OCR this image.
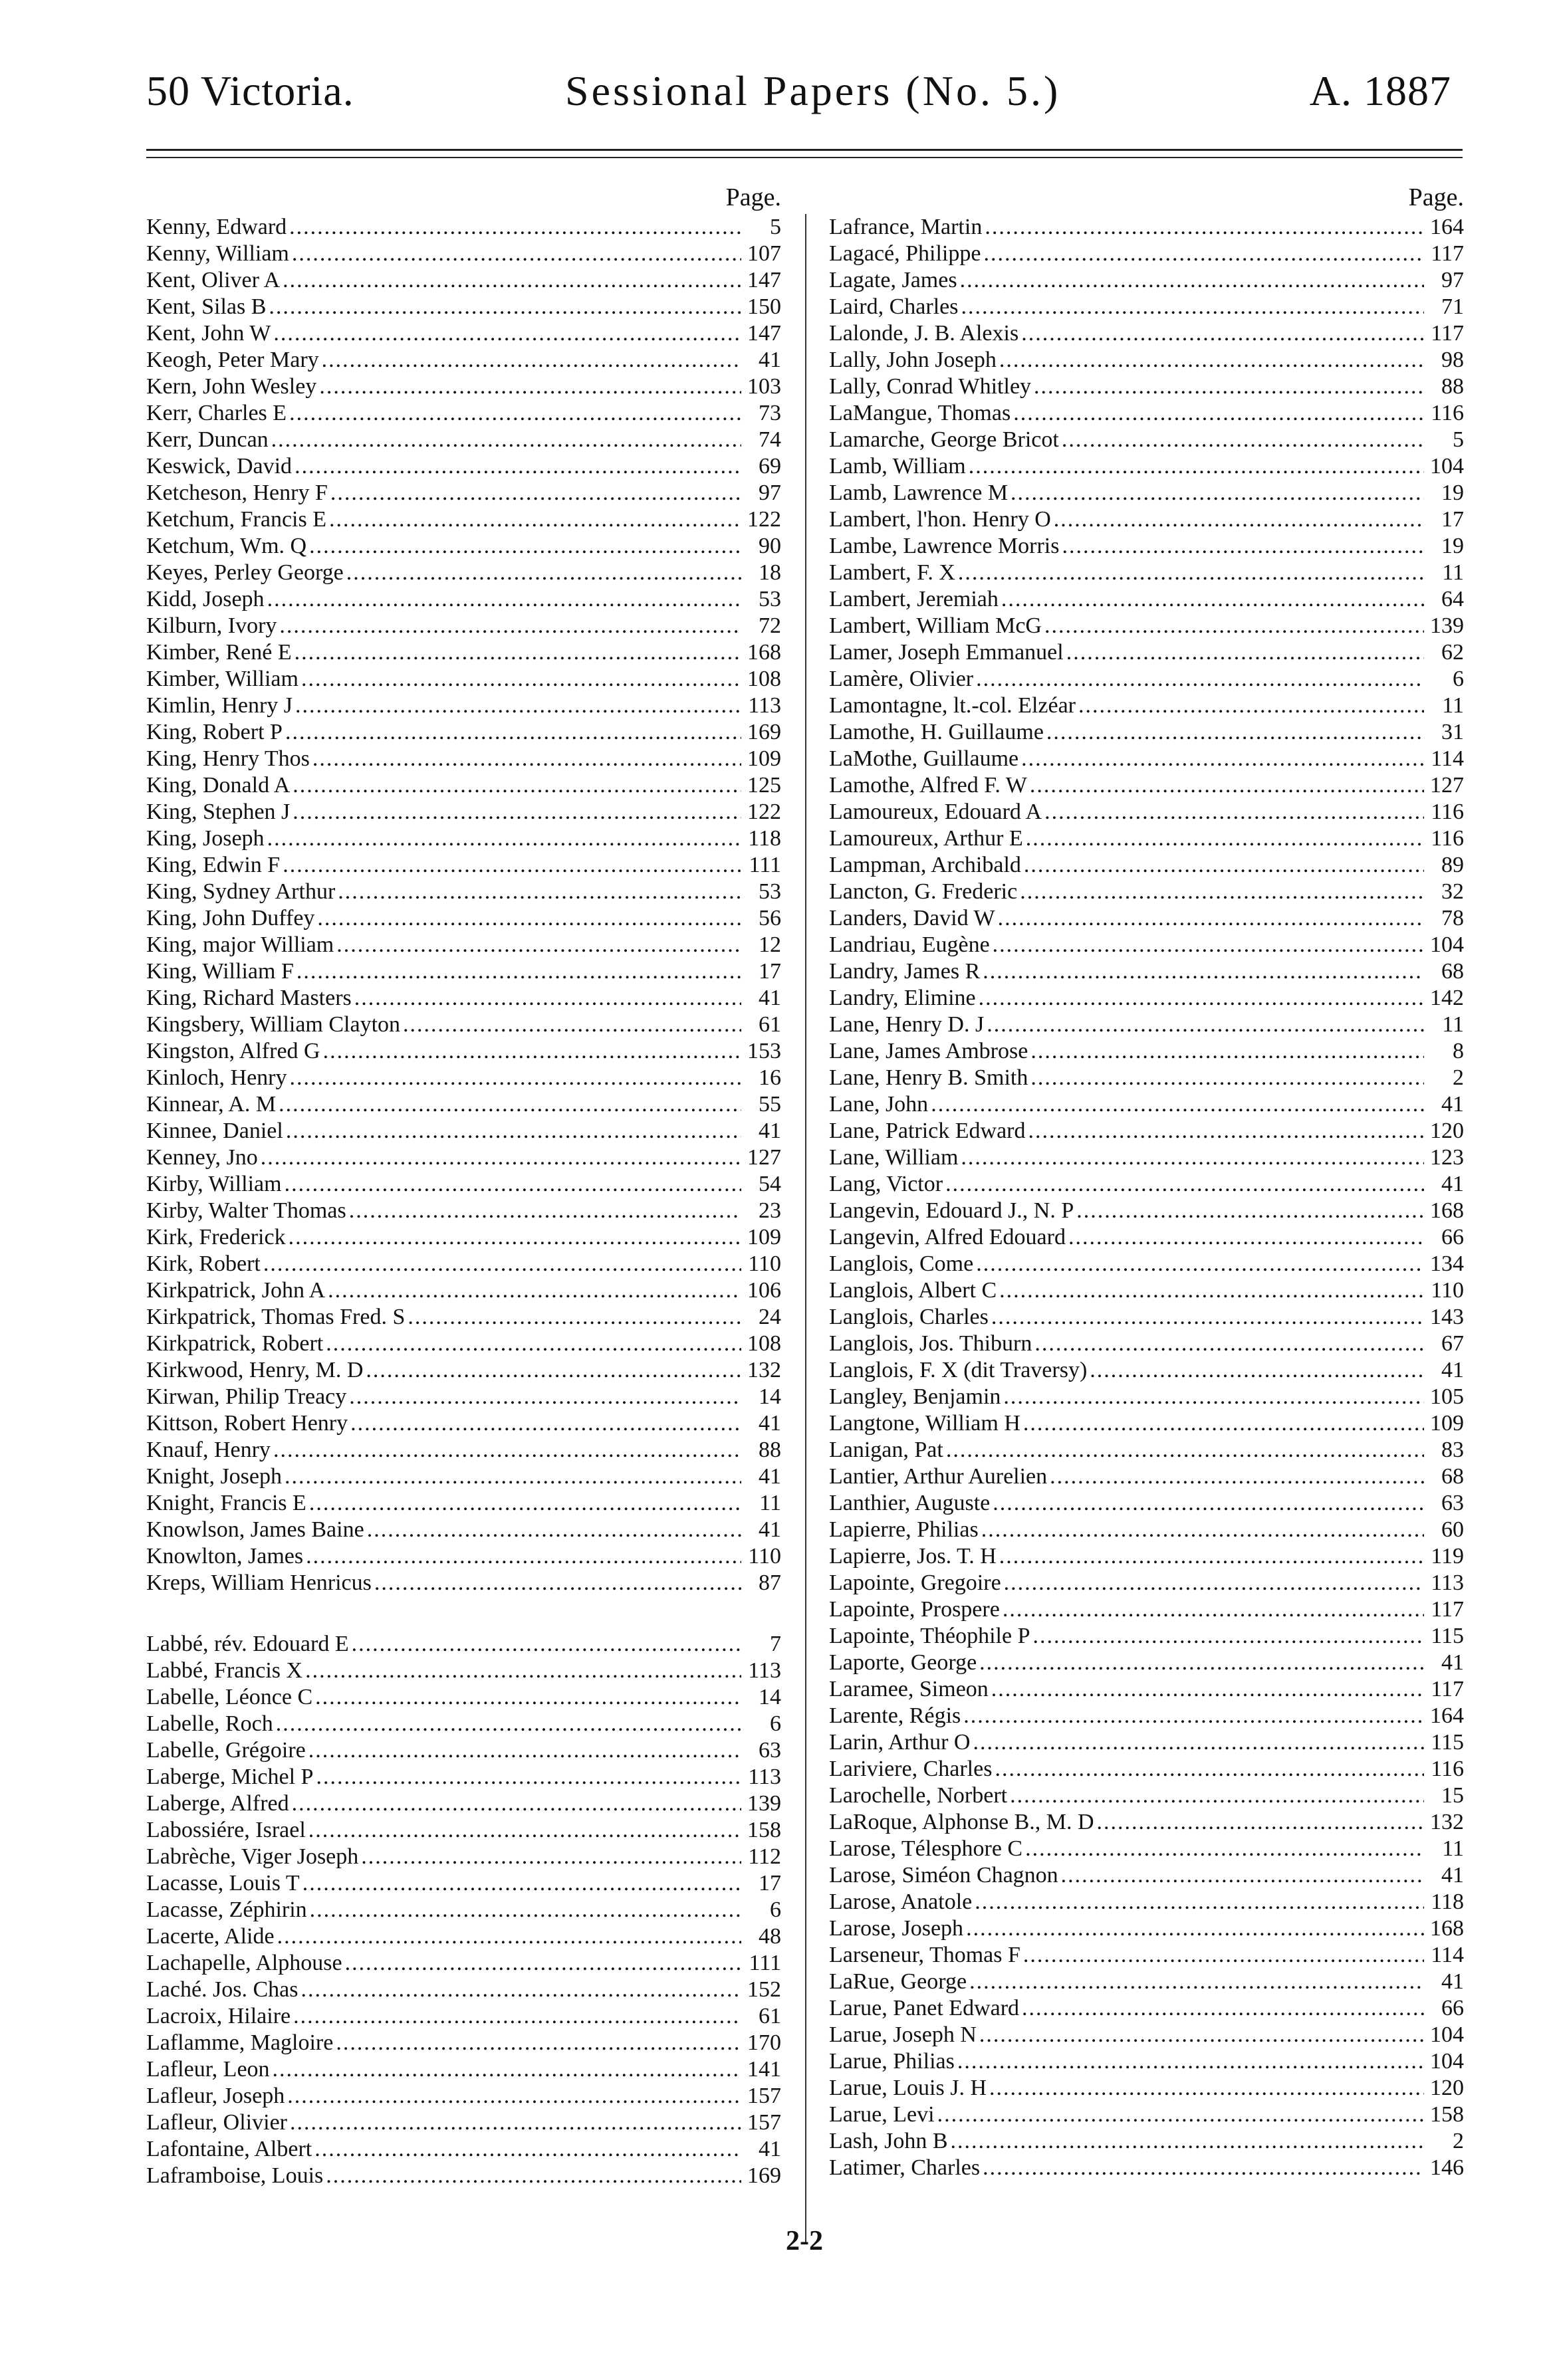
50 Victoria.	Sessional Papers (No. 5.)	A. 1887
Page.
Kenny, Edward .....	5
Kenny, William .....	107
Kent, Oliver A .....	147
Kent, Silas B .....	150
Kent, John W .....	147
Keogh, Peter Mary .....	41
Kern, John Wesley .....	103
Kerr, Charles E .....	73
Kerr, Duncan .....	74
Keswick, David .....	69
Ketcheson, Henry F .....	97
Ketchum, Francis E .....	122
Ketchum, Wm. Q .....	90
Keyes, Perley George .....	18
Kidd, Joseph .....	53
Kilburn, Ivory .....	72
Kimber, René E .....	168
Kimber, William .....	108
Kimlin, Henry J .....	113
King, Robert P .....	169
King, Henry Thos .....	109
King, Donald A .....	125
King, Stephen J .....	122
King, Joseph .....	118
King, Edwin F .....	111
King, Sydney Arthur .....	53
King, John Duffey .....	56
King, major William .....	12
King, William F .....	17
King, Richard Masters .....	41
Kingsbery, William Clayton .....	61
Kingston, Alfred G .....	153
Kinloch, Henry .....	16
Kinnear, A. M .....	55
Kinnee, Daniel .....	41
Kenney, Jno .....	127
Kirby, William .....	54
Kirby, Walter Thomas .....	23
Kirk, Frederick .....	109
Kirk, Robert .....	110
Kirkpatrick, John A .....	106
Kirkpatrick, Thomas Fred. S .....	24
Kirkpatrick, Robert .....	108
Kirkwood, Henry, M. D .....	132
Kirwan, Philip Treacy .....	14
Kittson, Robert Henry .....	41
Knauf, Henry .....	88
Knight, Joseph .....	41
Knight, Francis E .....	11
Knowlson, James Baine .....	41
Knowlton, James .....	110
Kreps, William Henricus .....	87
Labbé, rév. Edouard E .....	7
Labbé, Francis X .....	113
Labelle, Léonce C .....	14
Labelle, Roch .....	6
Labelle, Grégoire .....	63
Laberge, Michel P .....	113
Laberge, Alfred .....	139
Labossiére, Israel .....	158
Labrèche, Viger Joseph .....	112
Lacasse, Louis T .....	17
Lacasse, Zéphirin .....	6
Lacerte, Alide .....	48
Lachapelle, Alphouse .....	111
Laché. Jos. Chas .....	152
Lacroix, Hilaire .....	61
Laflamme, Magloire .....	170
Lafleur, Leon .....	141
Lafleur, Joseph .....	157
Lafleur, Olivier .....	157
Lafontaine, Albert .....	41
Laframboise, Louis .....	169
Page.
Lafrance, Martin .....	164
Lagacé, Philippe .....	117
Lagate, James .....	97
Laird, Charles .....	71
Lalonde, J. B. Alexis .....	117
Lally, John Joseph .....	98
Lally, Conrad Whitley .....	88
LaMangue, Thomas .....	116
Lamarche, George Bricot .....	5
Lamb, William .....	104
Lamb, Lawrence M .....	19
Lambert, l'hon. Henry O .....	17
Lambe, Lawrence Morris .....	19
Lambert, F. X .....	11
Lambert, Jeremiah .....	64
Lambert, William McG .....	139
Lamer, Joseph Emmanuel .....	62
Lamère, Olivier .....	6
Lamontagne, lt.-col. Elzéar .....	11
Lamothe, H. Guillaume .....	31
LaMothe, Guillaume .....	114
Lamothe, Alfred F. W .....	127
Lamoureux, Edouard A .....	116
Lamoureux, Arthur E .....	116
Lampman, Archibald .....	89
Lancton, G. Frederic .....	32
Landers, David W .....	78
Landriau, Eugène .....	104
Landry, James R .....	68
Landry, Elimine .....	142
Lane, Henry D. J .....	11
Lane, James Ambrose .....	8
Lane, Henry B. Smith .....	2
Lane, John .....	41
Lane, Patrick Edward .....	120
Lane, William .....	123
Lang, Victor .....	41
Langevin, Edouard J., N. P .....	168
Langevin, Alfred Edouard .....	66
Langlois, Come .....	134
Langlois, Albert C .....	110
Langlois, Charles .....	143
Langlois, Jos. Thiburn .....	67
Langlois, F. X (dit Traversy) .....	41
Langley, Benjamin .....	105
Langtone, William H .....	109
Lanigan, Pat .....	83
Lantier, Arthur Aurelien .....	68
Lanthier, Auguste .....	63
Lapierre, Philias .....	60
Lapierre, Jos. T. H .....	119
Lapointe, Gregoire .....	113
Lapointe, Prospere .....	117
Lapointe, Théophile P .....	115
Laporte, George .....	41
Laramee, Simeon .....	117
Larente, Régis .....	164
Larin, Arthur O .....	115
Lariviere, Charles .....	116
Larochelle, Norbert .....	15
LaRoque, Alphonse B., M. D .....	132
Larose, Télesphore C .....	11
Larose, Siméon Chagnon .....	41
Larose, Anatole .....	118
Larose, Joseph .....	168
Larseneur, Thomas F .....	114
LaRue, George .....	41
Larue, Panet Edward .....	66
Larue, Joseph N .....	104
Larue, Philias .....	104
Larue, Louis J. H .....	120
Larue, Levi .....	158
Lash, John B .....	2
Latimer, Charles .....	146
2-2
